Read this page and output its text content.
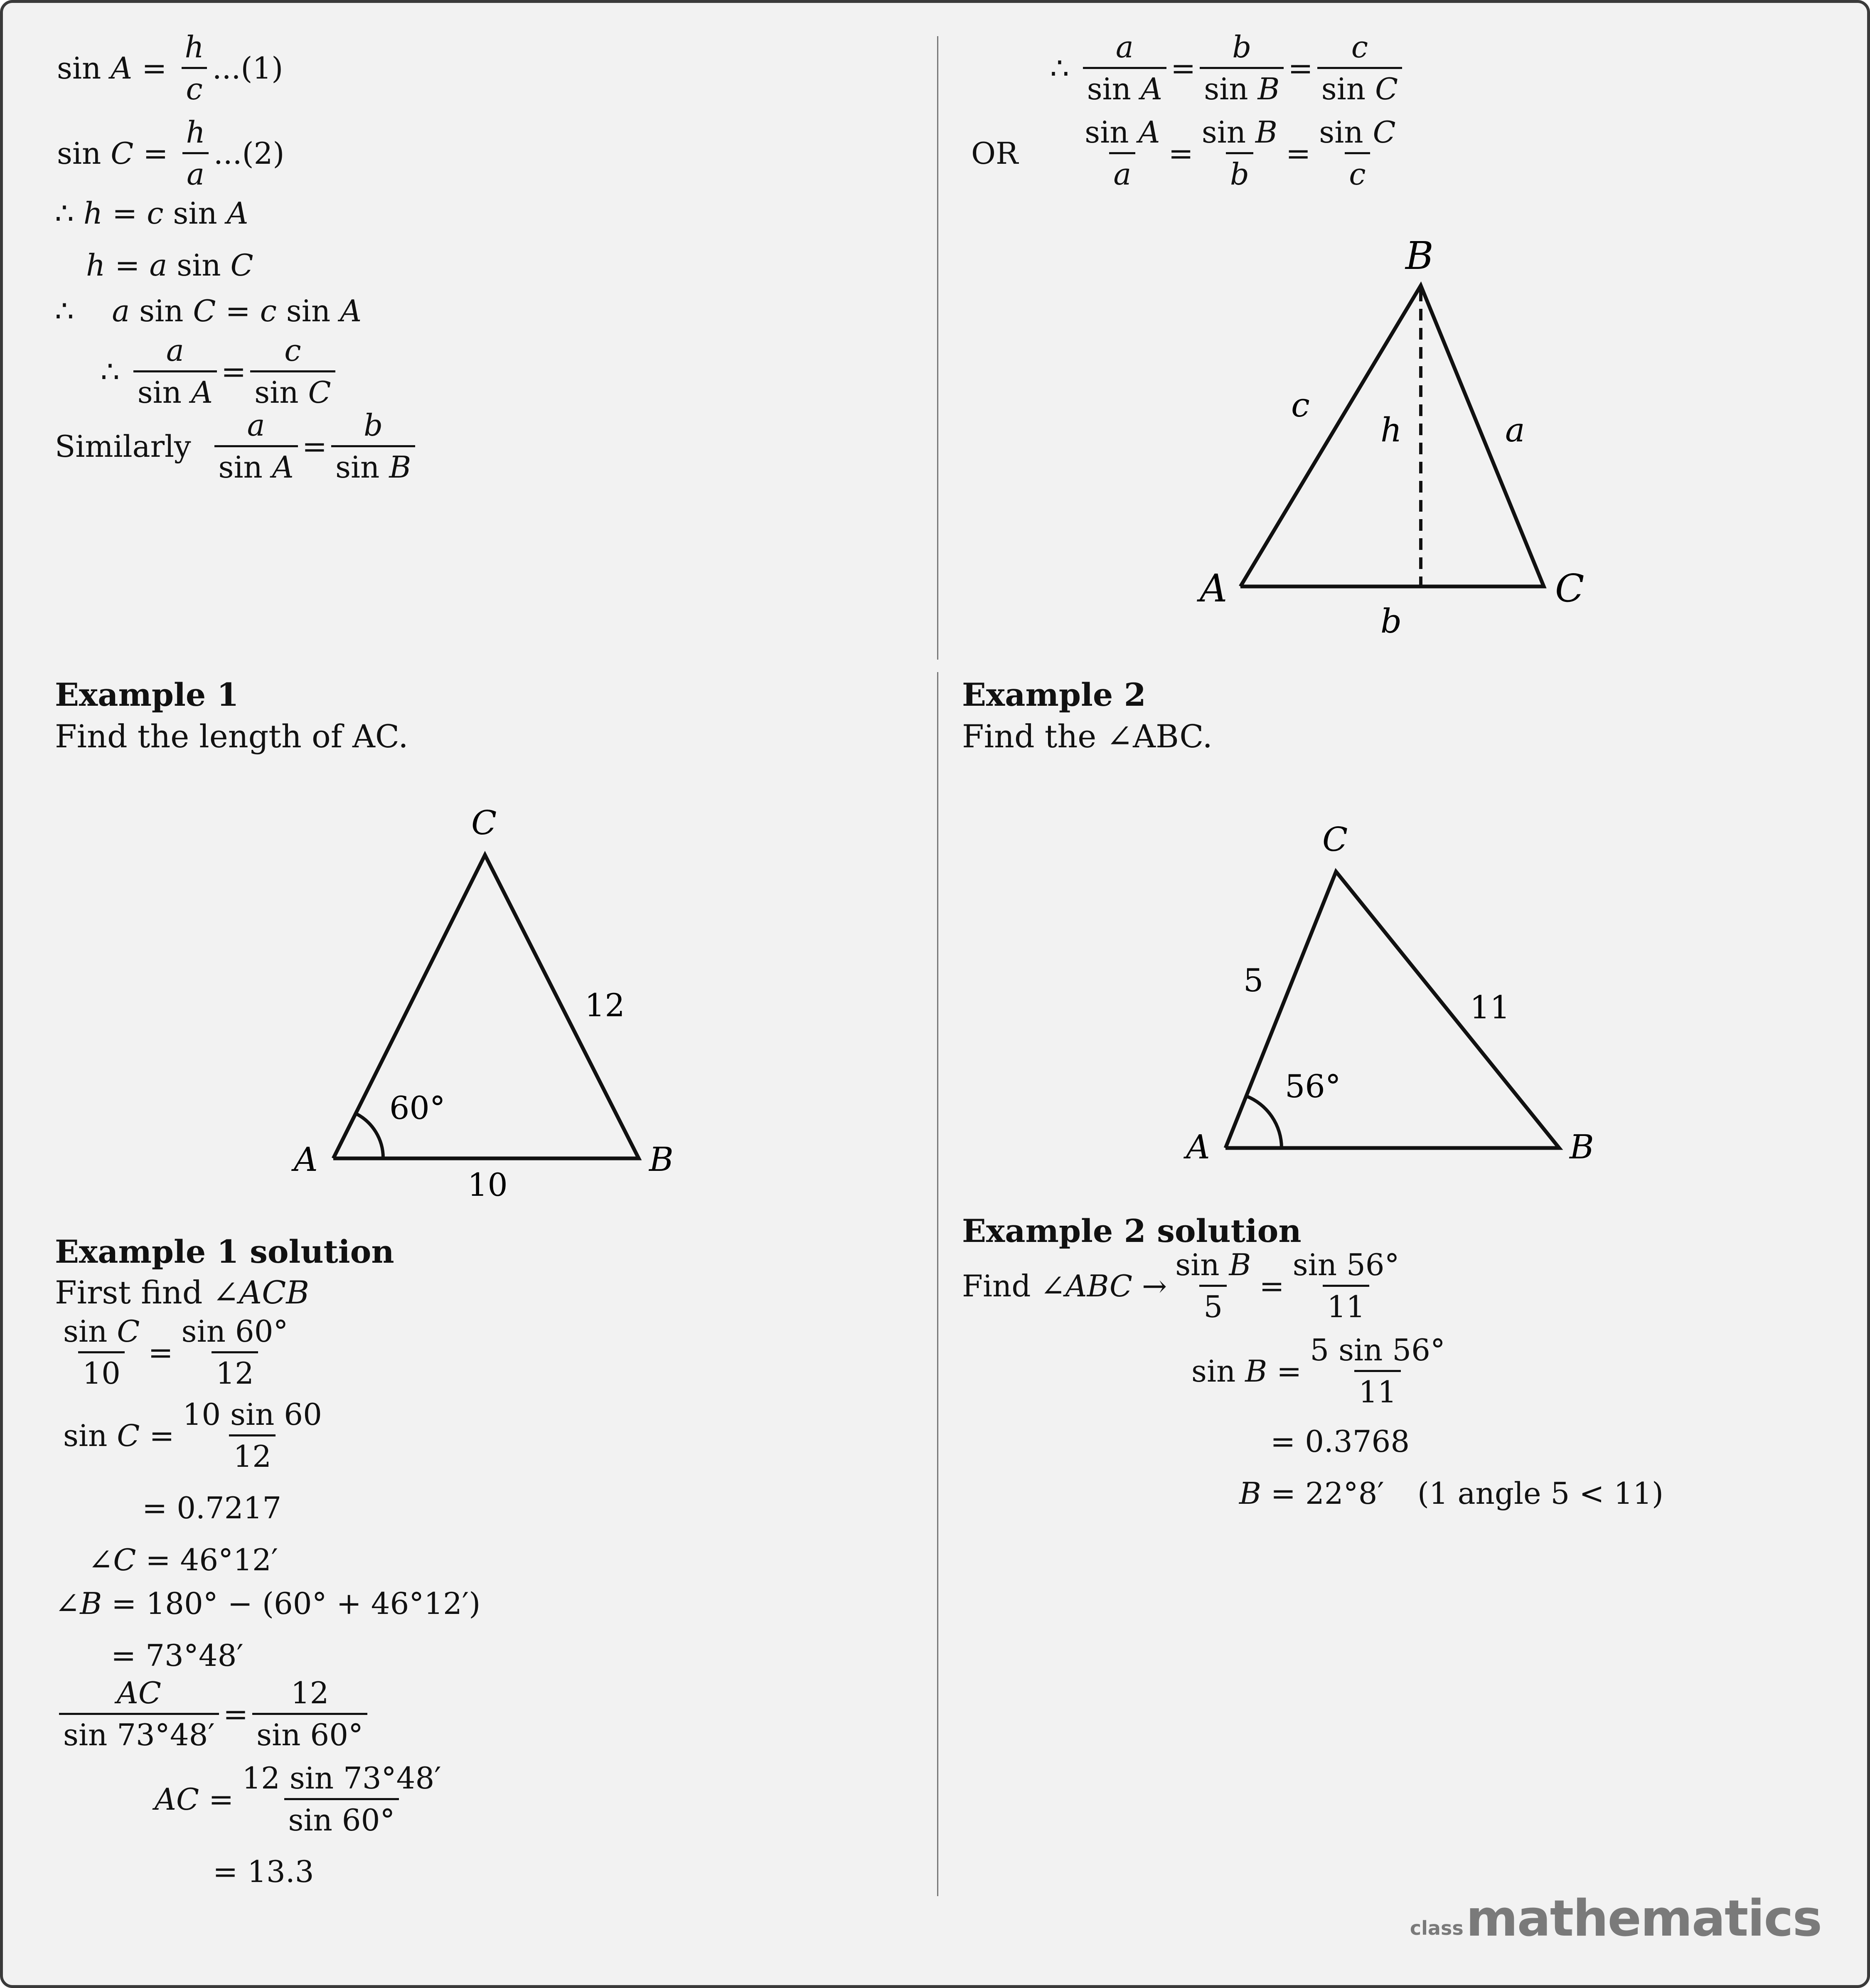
$\sin A = \frac{h}{c} ...(1)$
$\sin C = \frac{h}{a} ...(2)$
∴ h = c sin A
h = a sin C
∴ a sin C = c sin A
∴ $\frac{a}{\text{sin A}} = \frac{c}{\text{sin C}}$
Similarly
$\frac{a}{\text{sin A}} = \frac{b}{\text{sin B}}$
∴ $\frac{a}{\text{sin A}} = \frac{b}{\text{sin B}} = \frac{c}{\text{sin C}}$
OR $\frac{\text{sin A}}{a} = \frac{\text{sin B}}{b} = \frac{\text{sin C}}{c}$
A
B
C
c
h	a
b
Example 1
Find the length of AC.
C
A	B
12
60°
10
Example 1 solution
First find
∠ACB
$\frac{\text{sin C}}{10} = \frac{\sin 60^\circ}{12}$
$\sin C = \frac{10 \sin 60}{12}$
= 0.7217
∠ C = 46°12′
∠ B = 180° − (60° + 46°12′)
= 73°48′
$\frac{AC}{\sin 73^\circ 48'} = \frac{12}{\sin 60^\circ}$
AC = $\frac{12 \sin 73^\circ 48'}{\sin 60^\circ}$
= 13.3
Example 2
Find the ∠ABC.
C
A	B
5
11
56°
Example 2 solution
Find
∠ABC → $\frac{\text{sin B}}{5} = \frac{\sin 56^\circ}{11}$
$\sin B = \frac{5 \sin 56^\circ}{11}$
= 0.3768
B = 22°8′ (1 angle 5 < 11)
class mathematics
